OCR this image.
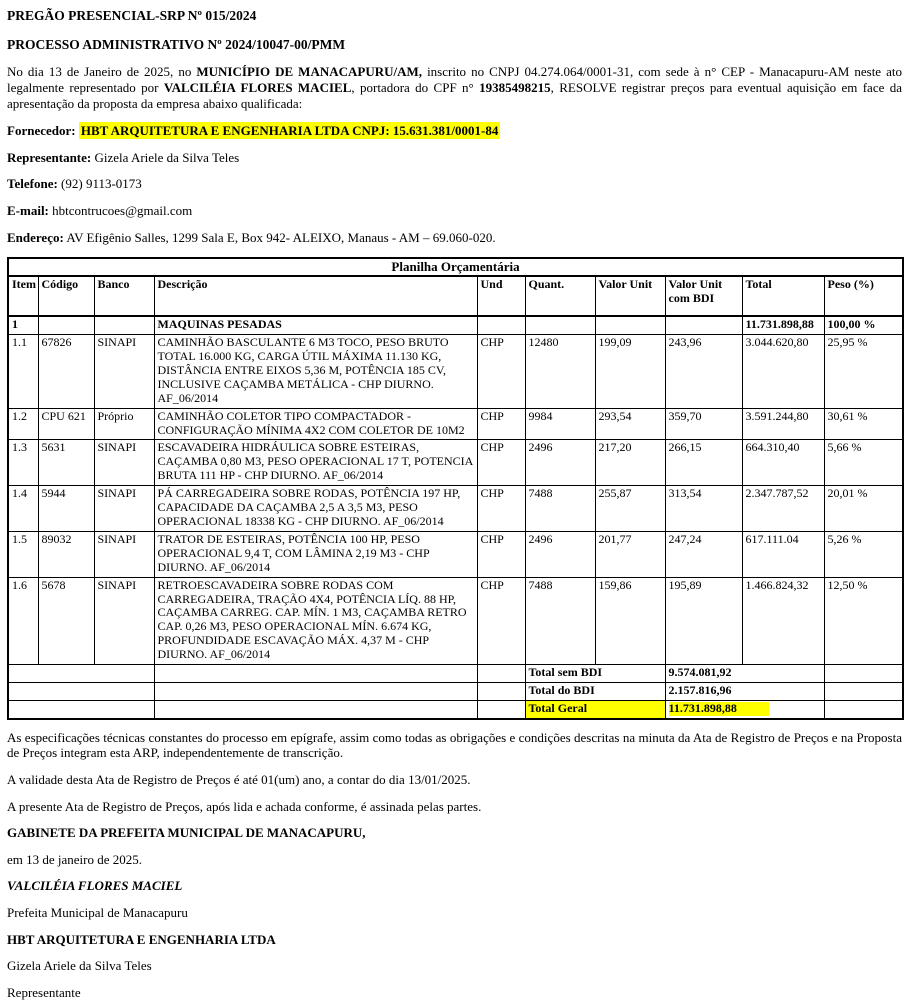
PREGÃO PRESENCIAL-SRP Nº 015/2024

PROCESSO ADMINISTRATIVO Nº 2024/10047-00/PMM

No dia 13 de Janeiro de 2025, no MUNICÍPIO DE MANACAPURU/AM, inscrito no CNPJ 04.274.064/0001-31, com sede à n° CEP - Manacapuru-AM neste ato legalmente representado por VALCILÉIA FLORES MACIEL, portadora do CPF n° 19385498215, RESOLVE registrar preços para eventual aquisição em face da apresentação da proposta da empresa abaixo qualificada:

Fornecedor: HBT ARQUITETURA E ENGENHARIA LTDA CNPJ: 15.631.381/0001-84

Representante: Gizela Ariele da Silva Teles

Telefone: (92) 9113-0173

E-mail: hbtcontrucoes@gmail.com

Endereço: AV Efigênio Salles, 1299 Sala E, Box 942- ALEIXO, Manaus - AM – 69.060-020.

Planilha Orçamentária									
Item	Código	Banco	Descrição	Und	Quant.	Valor Unit	Valor Unit com BDI	Total	Peso (%)
1			MAQUINAS PESADAS					11.731.898,88	100,00 %
1.1	67826	SINAPI	CAMINHÃO BASCULANTE 6 M3 TOCO, PESO BRUTO TOTAL 16.000 KG, CARGA ÚTIL MÁXIMA 11.130 KG, DISTÂNCIA ENTRE EIXOS 5,36 M, POTÊNCIA 185 CV, INCLUSIVE CAÇAMBA METÁLICA - CHP DIURNO. AF_06/2014	CHP	12480	199,09	243,96	3.044.620,80	25,95 %
1.2	CPU 621	Próprio	CAMINHÃO COLETOR TIPO COMPACTADOR - CONFIGURAÇÃO MÍNIMA 4X2 COM COLETOR DE 10M2	CHP	9984	293,54	359,70	3.591.244,80	30,61 %
1.3	5631	SINAPI	ESCAVADEIRA HIDRÁULICA SOBRE ESTEIRAS, CAÇAMBA 0,80 M3, PESO OPERACIONAL 17 T, POTENCIA BRUTA 111 HP - CHP DIURNO. AF_06/2014	CHP	2496	217,20	266,15	664.310,40	5,66 %
1.4	5944	SINAPI	PÁ CARREGADEIRA SOBRE RODAS, POTÊNCIA 197 HP, CAPACIDADE DA CAÇAMBA 2,5 A 3,5 M3, PESO OPERACIONAL 18338 KG - CHP DIURNO. AF_06/2014	CHP	7488	255,87	313,54	2.347.787,52	20,01 %
1.5	89032	SINAPI	TRATOR DE ESTEIRAS, POTÊNCIA 100 HP, PESO OPERACIONAL 9,4 T, COM LÂMINA 2,19 M3 - CHP DIURNO. AF_06/2014	CHP	2496	201,77	247,24	617.111.04	5,26 %
1.6	5678	SINAPI	RETROESCAVADEIRA SOBRE RODAS COM CARREGADEIRA, TRAÇÃO 4X4, POTÊNCIA LÍQ. 88 HP, CAÇAMBA CARREG. CAP. MÍN. 1 M3, CAÇAMBA RETRO CAP. 0,26 M3, PESO OPERACIONAL MÍN. 6.674 KG, PROFUNDIDADE ESCAVAÇÃO MÁX. 4,37 M - CHP DIURNO. AF_06/2014	CHP	7488	159,86	195,89	1.466.824,32	12,50 %
					Total sem BDI		9.574.081,92		
					Total do BDI		2.157.816,96		
					Total Geral		11.731.898,88		

As especificações técnicas constantes do processo em epígrafe, assim como todas as obrigações e condições descritas na minuta da Ata de Registro de Preços e na Proposta de Preços integram esta ARP, independentemente de transcrição.

A validade desta Ata de Registro de Preços é até 01(um) ano, a contar do dia 13/01/2025.

A presente Ata de Registro de Preços, após lida e achada conforme, é assinada pelas partes.

GABINETE DA PREFEITA MUNICIPAL DE MANACAPURU,

em 13 de janeiro de 2025.

VALCILÉIA FLORES MACIEL

Prefeita Municipal de Manacapuru

HBT ARQUITETURA E ENGENHARIA LTDA

Gizela Ariele da Silva Teles

Representante
